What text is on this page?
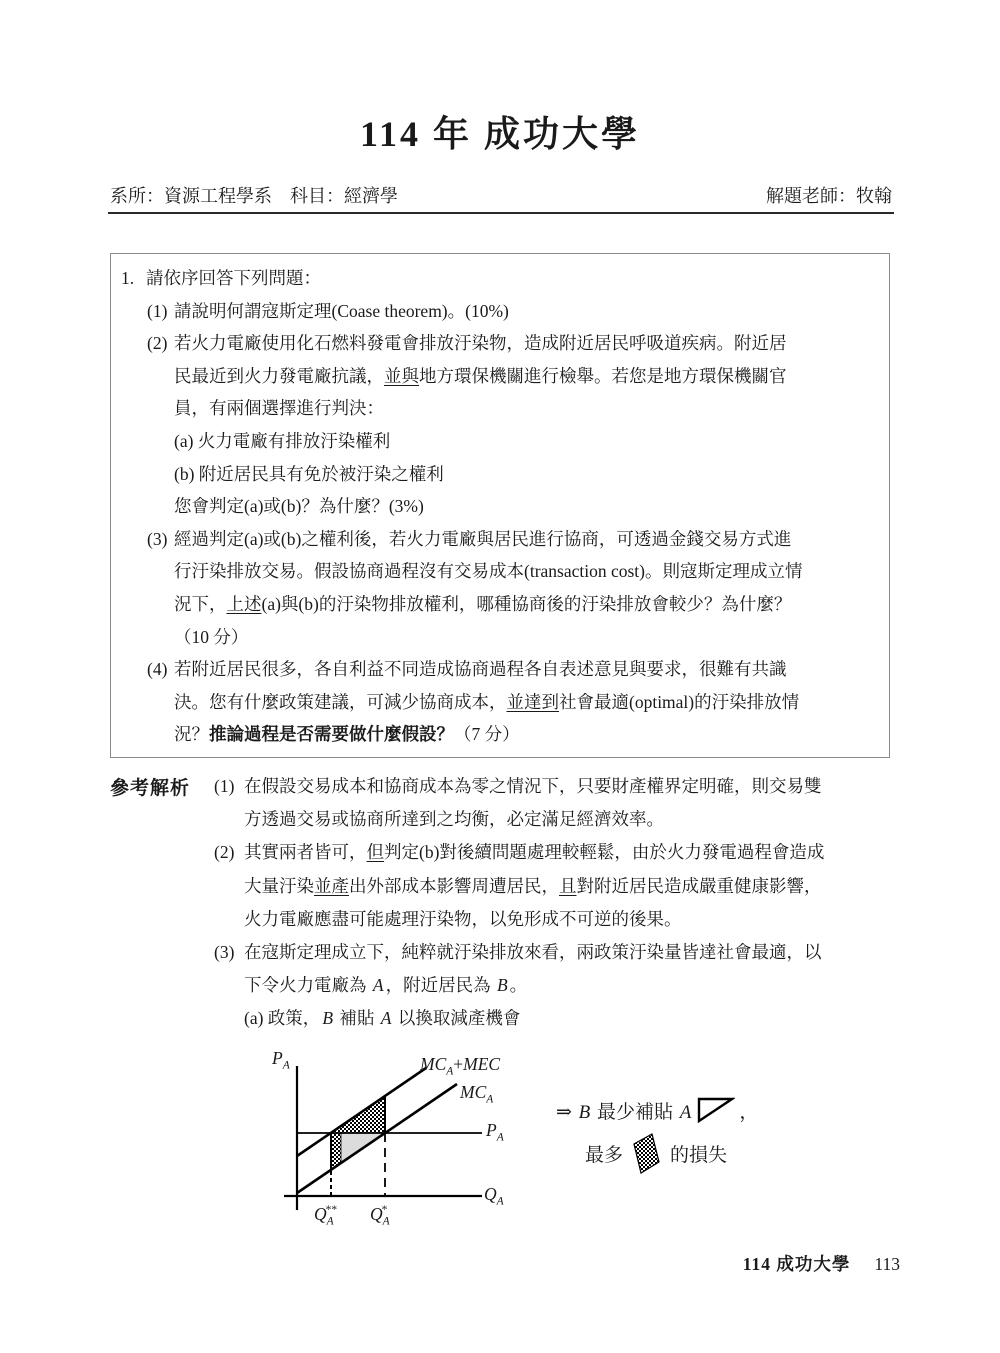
114 年 成功大學
系所：資源工程學系　科目：經濟學	解題老師：牧翰
1. 請依序回答下列問題：
(1) 請說明何謂寇斯定理(Coase theorem)。(10%)
(2) 若火力電廠使用化石燃料發電會排放汙染物，造成附近居民呼吸道疾病。附近居
民最近到火力發電廠抗議，並與地方環保機關進行檢舉。若您是地方環保機關官
員，有兩個選擇進行判決：
(a) 火力電廠有排放汙染權利
(b) 附近居民具有免於被汙染之權利
您會判定(a)或(b)？為什麼？(3%)
(3) 經過判定(a)或(b)之權利後，若火力電廠與居民進行協商，可透過金錢交易方式進
行汙染排放交易。假設協商過程沒有交易成本(transaction cost)。則寇斯定理成立情
況下，上述(a)與(b)的汙染物排放權利，哪種協商後的汙染排放會較少？為什麼？
（10 分）
(4) 若附近居民很多，各自利益不同造成協商過程各自表述意見與要求，很難有共識
決。您有什麼政策建議，可減少協商成本，並達到社會最適(optimal)的汙染排放情
況？推論過程是否需要做什麼假設？（7 分）
參考解析 (1) 在假設交易成本和協商成本為零之情況下，只要財產權界定明確，則交易雙
方透過交易或協商所達到之均衡，必定滿足經濟效率。
(2) 其實兩者皆可，但判定(b)對後續問題處理較輕鬆，由於火力發電過程會造成
大量汙染並產出外部成本影響周遭居民，且對附近居民造成嚴重健康影響，
火力電廠應盡可能處理汙染物，以免形成不可逆的後果。
(3) 在寇斯定理成立下，純粹就汙染排放來看，兩政策汙染量皆達社會最適，以
下令火力電廠為 A ，附近居民為 B 。
(a) 政策， B 補貼 A 以換取減產機會
$P_A$	$MC_A+MEC$
$MC_A$
$P_A$
$Q_A$
$Q_A^{**}$ $Q_A^*$
⇒ B 最少補貼 A	，
最多 的損失
114 成功大學 113
